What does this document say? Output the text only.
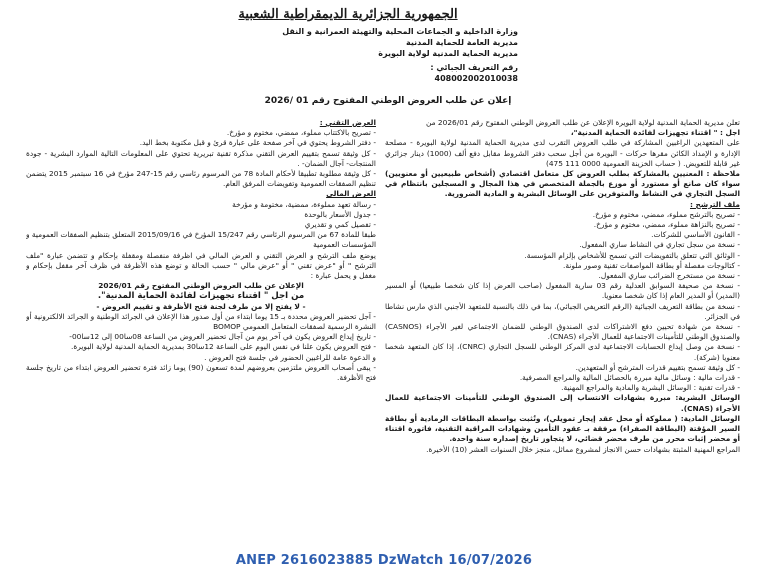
الجمهورية الجزائرية الديمقراطية الشعبية
وزارة الداخلية و الجماعات المحلية والتهيئة العمرانية و النقل
مديرية العامة للحماية المدنية
مديرية الحماية المدنية لولاية البويرة
رقم التعريف الجبائي :
408002002010038
إعلان عن طلب العروض الوطني المفتوح رقم 01 /2026

تعلن مديرية الحماية المدنية لولاية البويرة الإعلان عن طلب العروض الوطني المفتوح رقم 2026/01 من

اجل : " اقتناء تجهيزات لفائدة الحماية المدنية"،

على المتعهدين الراغبين المشاركة في طلب العروض التقرب لدى مديرية الحماية المدنية لولاية البويرة - مصلحة الإدارة و الإمداد الكائن مقرها حركات - البويرة من أجل سحب دفتر الشروط مقابل دفع ألف (1000) دينار جزائري غير قابلة للتعويض. ( حساب الخزينة العمومية 0000 111 475)

ملاحظة : المعنيين بالمشاركة بطلب العروض كل متعامل اقتصادي (أشخاص طبيعيين أو معنويين) سواء كان صانع أو مستورد أو موزع بالجملة المتخصص في هذا المجال و المسجلين بانتظام في السجل التجاري في النشاط والمتوفرين على الوسائل البشرية و المادية الضرورية.

ملف الترشح :

- تصريح بالترشح مملوء، ممضي، مختوم و مؤرخ.

- تصريح بالنزاهة مملوء، ممضي، مختوم و مؤرخ.

- القانون الأساسي للشركات.

- نسخة من سجل تجاري في النشاط ساري المفعول.

- الوثائق التي تتعلق بالتفويضات التي تسمح للأشخاص بإلزام المؤسسة.

- كتالوجات مفصلة أو بطاقة المواصفات تقنية وصور ملونة.

- نسخة من مستخرج الضرائب ساري المفعول.

- نسخة من صحيفة السوابق العدلية رقم 03 سارية المفعول (صاحب العرض إذا كان شخصا طبيعيا) أو المسير (المدير) أو المدير العام إذا كان شخصا معنويا.

- نسخة من بطاقة التعريف الجبائية (الرقم التعريفي الجبائي)، بما في ذلك بالنسبة للمتعهد الأجنبي الذي مارس نشاطا في الجزائر.

- نسخة من شهادة تحيين دفع الاشتراكات لدى الصندوق الوطني للضمان الاجتماعي لغير الأجراء (CASNOS) والصندوق الوطني للتأمينات الاجتماعية للعمال الأجراء (CNAS).

- نسخة من وصل إيداع الحسابات الاجتماعية لدى المركز الوطني للسجل التجاري (CNRC)، إذا كان المتعهد شخصا معنويا (شركة).

- كل وثيقة تسمح بتقييم قدرات المترشح أو المتعهدين.

- قدرات مالية : وسائل مالية مبررة بالحصائل المالية والمراجع المصرفية.

- قدرات تقنية : الوسائل البشرية والمادية والمراجع المهنية.

الوسائل البشرية: مبررة بشهادات الانتساب إلى الصندوق الوطني للتأمينات الاجتماعية للعمال الأجراء (CNAS).

الوسائل المادية: ( مملوكة أو محل عقد إيجار تمويلي)، وتُثبت بواسطة البطاقات الرمادية أو بطاقة السير المؤقتة (البطاقة الصفراء) مرفقة بـ عقود التأمين وشهادات المراقبة التقنية، فاتورة اقتناء أو محضر إثبات محرر من طرف محضر قضائي، لا يتجاوز تاريخ إصداره سنة واحدة.

المراجع المهنية المثبتة بشهادات حسن الانجاز لمشروع مماثل، منجز خلال السنوات العشر (10) الأخيرة.

العرض التقني :

- تصريح بالاكتتاب مملوء، ممضي، مختوم و مؤرخ.

- دفتر الشروط يحتوي في آخر صفحة على عبارة قرئ و قبل مكتوبة بخط اليد.

- كل وثيقة تسمح بتقييم العرض التقني مذكرة تقنية تبريرية تحتوي على المعلومات التالية الموارد البشرية - جودة المنتجات- آجال الضمان- .

- كل وثيقة مطلوبة تطبيقا لأحكام المادة 78 من المرسوم رئاسي رقم 15-247 مؤرخ في 16 سبتمبر 2015 يتضمن تنظيم الصفقات العمومية وتفويضات المرفق العام.

العرض المالي

- رسالة تعهد مملوءة، ممضية، مختومة و مؤرخة

- جدول الأسعار بالوحدة

- تفصيل كمي و تقديري

طبقا للمادة 67 من المرسوم الرئاسي رقم 15/247 المؤرخ في 2015/09/16 المتعلق بتنظيم الصفقات العمومية و المؤسسات العمومية

يوضع ملف الترشح و العرض التقني و العرض المالي في اظرفة منفصلة ومقفلة بإحكام و تتضمن عبارة "ملف الترشح " أو "عرض تقني " أو "عرض مالي " حسب الحالة و توضع هذه الأظرفة في ظرف آخر مقفل بإحكام و مغفل و يحمل عبارة :

الإعلان عن طلب العروض الوطني المفتوح رقم 2026/01

من اجل " اقتناء تجهيزات لفائدة الحماية المدنية".

- لا يفتح إلا من طرف لجنة فتح الأظرفة و تقييم العروض -

- آجل تحضير العروض محددة بـ 15 يوما ابتداء من أول صدور هذا الإعلان في الجرائد الوطنية و الجرائد الالكترونية أو النشرة الرسمية لصفقات المتعامل العمومي BOMOP

- تاريخ إيداع العروض يكون في آخر يوم من آجال تحضير العروض من الساعة 08سا00 إلى 12سا00-

- فتح العروض يكون علنا في نفس اليوم على الساعة 12سا30 بمديرية الحماية المدنية لولاية البويرة.

و الدعوة عامة للراغبين الحضور في جلسة فتح العروض .

- يبقى أصحاب العروض ملتزمين بعروضهم لمدة تسعون (90) يوما زائد فترة تحضير العروض ابتداء من تاريخ جلسة فتح الأظرفة.

ANEP 2616023885 DzWatch 16/07/2026
